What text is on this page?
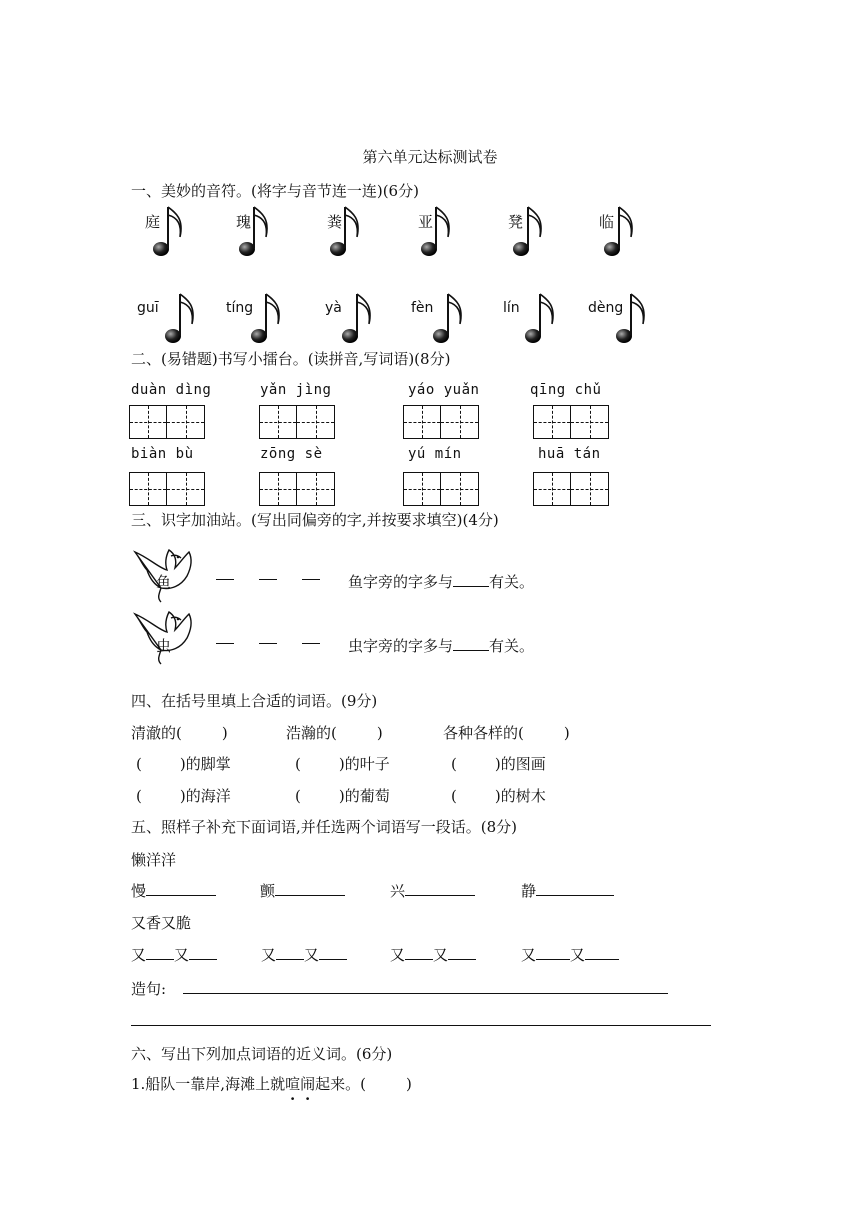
第六单元达标测试卷
一、美妙的音符。(将字与音节连一连)(6分)
庭	瑰	粪	亚	凳	临
guī	tíng	yà	fèn	lín	dèng
二、(易错题)书写小擂台。(读拼音,写词语)(8分)
duàn dìng	yǎn jìng	yáo yuǎn	qīng chǔ
biàn bù	zōng sè	yú mín	huā tán
三、识字加油站。(写出同偏旁的字,并按要求填空)(4分)
鱼	鱼字旁的字多与 有关。
虫	虫字旁的字多与 有关。
四、在括号里填上合适的词语。(9分)
清澈的(	)	浩瀚的(	)	各种各样的(	)
(	)的脚掌	(	)的叶子	(	)的图画
(	)的海洋	(	)的葡萄	(	)的树木
五、照样子补充下面词语,并任选两个词语写一段话。(8分)
懒洋洋
慢	颤	兴	静
又香又脆
又 又	又 又	又 又	又 又
造句:
六、写出下列加点词语的近义词。(6分)
1.船队一靠岸,海滩上就喧闹起来。(	)
